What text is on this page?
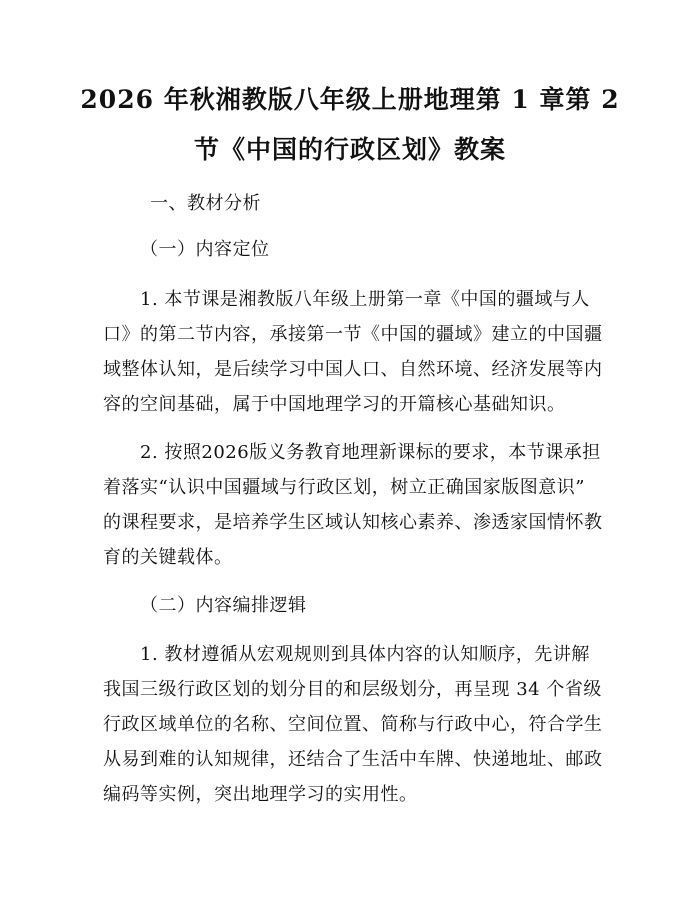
2026 年秋湘教版八年级上册地理第 1 章第 2
节《中国的行政区划》教案
一、教材分析
（一）内容定位
1. 本节课是湘教版八年级上册第一章《中国的疆域与人
口》的第二节内容，承接第一节《中国的疆域》建立的中国疆
域整体认知，是后续学习中国人口、自然环境、经济发展等内
容的空间基础，属于中国地理学习的开篇核心基础知识。
2. 按照2026版义务教育地理新课标的要求，本节课承担
着落实“认识中国疆域与行政区划，树立正确国家版图意识”
的课程要求，是培养学生区域认知核心素养、渗透家国情怀教
育的关键载体。
（二）内容编排逻辑
1. 教材遵循从宏观规则到具体内容的认知顺序，先讲解
我国三级行政区划的划分目的和层级划分，再呈现 34 个省级
行政区域单位的名称、空间位置、简称与行政中心，符合学生
从易到难的认知规律，还结合了生活中车牌、快递地址、邮政
编码等实例，突出地理学习的实用性。
